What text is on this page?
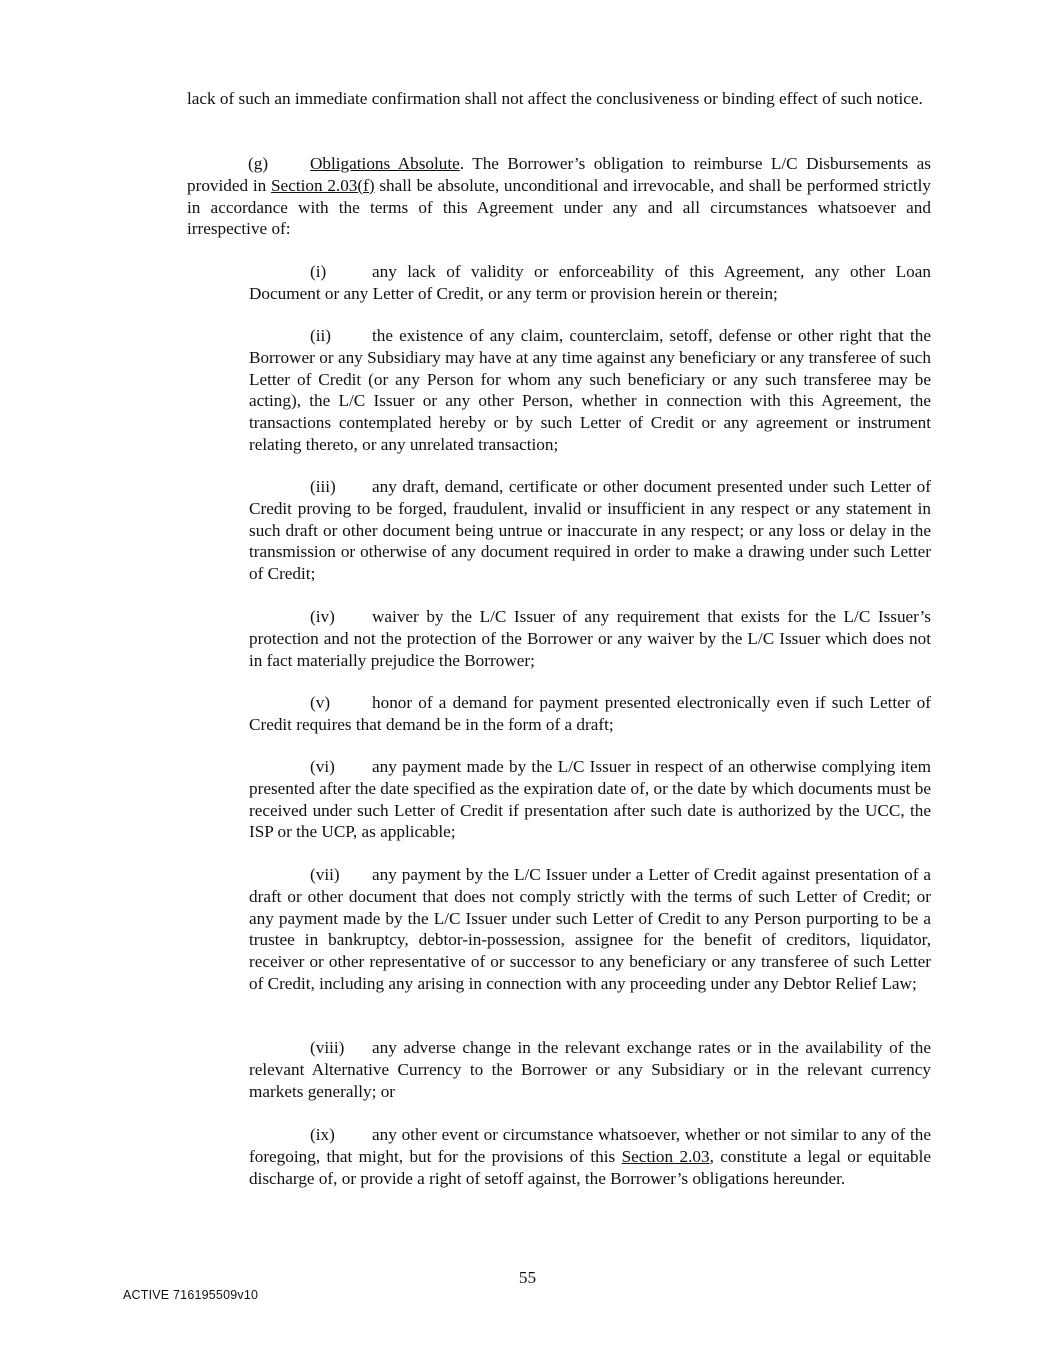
lack of such an immediate confirmation shall not affect the conclusiveness or binding effect of such notice.

(g) Obligations Absolute. The Borrower’s obligation to reimburse L/C Disbursements as provided in Section 2.03(f) shall be absolute, unconditional and irrevocable, and shall be performed strictly in accordance with the terms of this Agreement under any and all circumstances whatsoever and irrespective of:

(i)	any lack of validity or enforceability of this Agreement, any other Loan Document or any Letter of Credit, or any term or provision herein or therein;

(ii) the existence of any claim, counterclaim, setoff, defense or other right that the Borrower or any Subsidiary may have at any time against any beneficiary or any transferee of such Letter of Credit (or any Person for whom any such beneficiary or any such transferee may be acting), the L/C Issuer or any other Person, whether in connection with this Agreement, the transactions contemplated hereby or by such Letter of Credit or any agreement or instrument relating thereto, or any unrelated transaction;

(iii) any draft, demand, certificate or other document presented under such Letter of Credit proving to be forged, fraudulent, invalid or insufficient in any respect or any statement in such draft or other document being untrue or inaccurate in any respect; or any loss or delay in the transmission or otherwise of any document required in order to make a drawing under such Letter of Credit;

(iv) waiver by the L/C Issuer of any requirement that exists for the L/C Issuer’s protection and not the protection of the Borrower or any waiver by the L/C Issuer which does not in fact materially prejudice the Borrower;

(v) honor of a demand for payment presented electronically even if such Letter of Credit requires that demand be in the form of a draft;

(vi) any payment made by the L/C Issuer in respect of an otherwise complying item presented after the date specified as the expiration date of, or the date by which documents must be received under such Letter of Credit if presentation after such date is authorized by the UCC, the ISP or the UCP, as applicable;

(vii) any payment by the L/C Issuer under a Letter of Credit against presentation of a draft or other document that does not comply strictly with the terms of such Letter of Credit; or any payment made by the L/C Issuer under such Letter of Credit to any Person purporting to be a trustee in bankruptcy, debtor-in-possession, assignee for the benefit of creditors, liquidator, receiver or other representative of or successor to any beneficiary or any transferee of such Letter of Credit, including any arising in connection with any proceeding under any Debtor Relief Law;

(viii) any adverse change in the relevant exchange rates or in the availability of the relevant Alternative Currency to the Borrower or any Subsidiary or in the relevant currency markets generally; or

(ix) any other event or circumstance whatsoever, whether or not similar to any of the foregoing, that might, but for the provisions of this Section 2.03, constitute a legal or equitable discharge of, or provide a right of setoff against, the Borrower’s obligations hereunder.

55
ACTIVE 716195509v10
